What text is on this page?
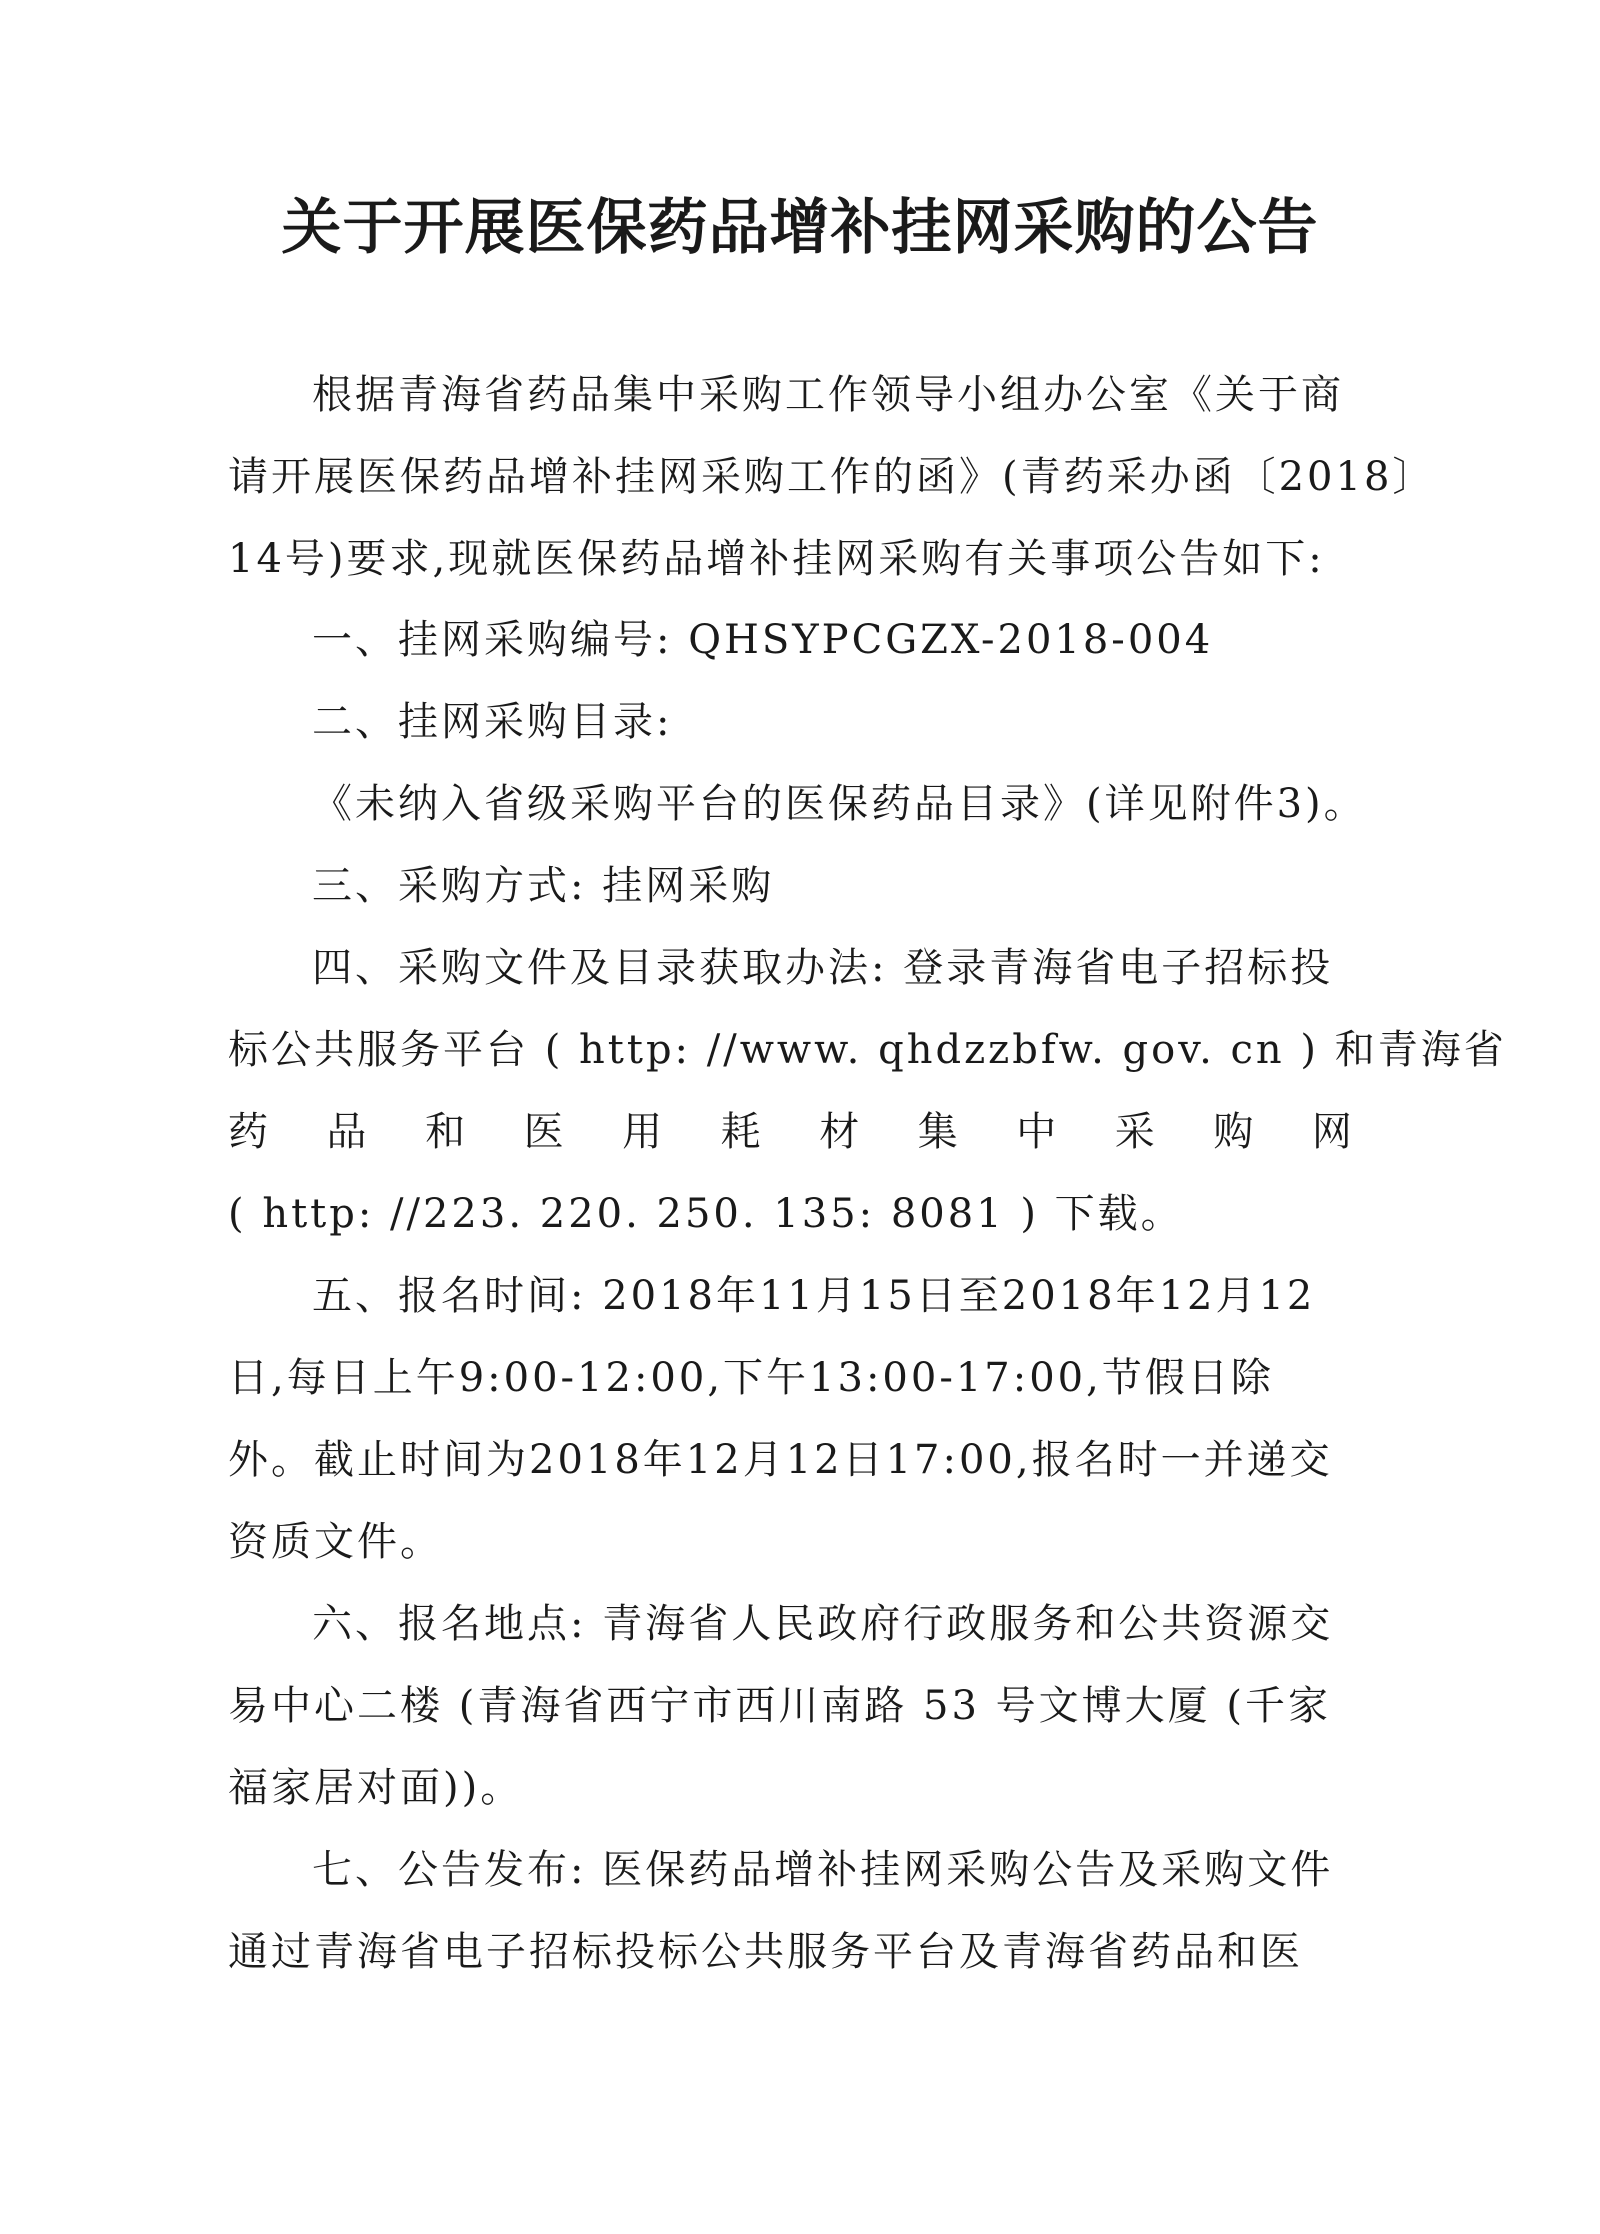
关于开展医保药品增补挂网采购的公告
根据青海省药品集中采购工作领导小组办公室《关于商
请开展医保药品增补挂网采购工作的函》(青药采办函〔2018〕
14号)要求,现就医保药品增补挂网采购有关事项公告如下:
一、挂网采购编号: QHSYPCGZX-2018-004
二、挂网采购目录:
《未纳入省级采购平台的医保药品目录》(详见附件3)。
三、采购方式: 挂网采购
四、采购文件及目录获取办法: 登录青海省电子招标投
标公共服务平台 ( http: //www. qhdzzbfw. gov. cn ) 和青海省
药 品 和 医 用 耗 材 集 中 采 购 网
( http: //223. 220. 250. 135: 8081 ) 下载。
五、报名时间: 2018年11月15日至2018年12月12
日,每日上午9:00-12:00,下午13:00-17:00,节假日除
外。截止时间为2018年12月12日17:00,报名时一并递交
资质文件。
六、报名地点: 青海省人民政府行政服务和公共资源交
易中心二楼 (青海省西宁市西川南路 53 号文博大厦 (千家
福家居对面))。
七、公告发布: 医保药品增补挂网采购公告及采购文件
通过青海省电子招标投标公共服务平台及青海省药品和医
